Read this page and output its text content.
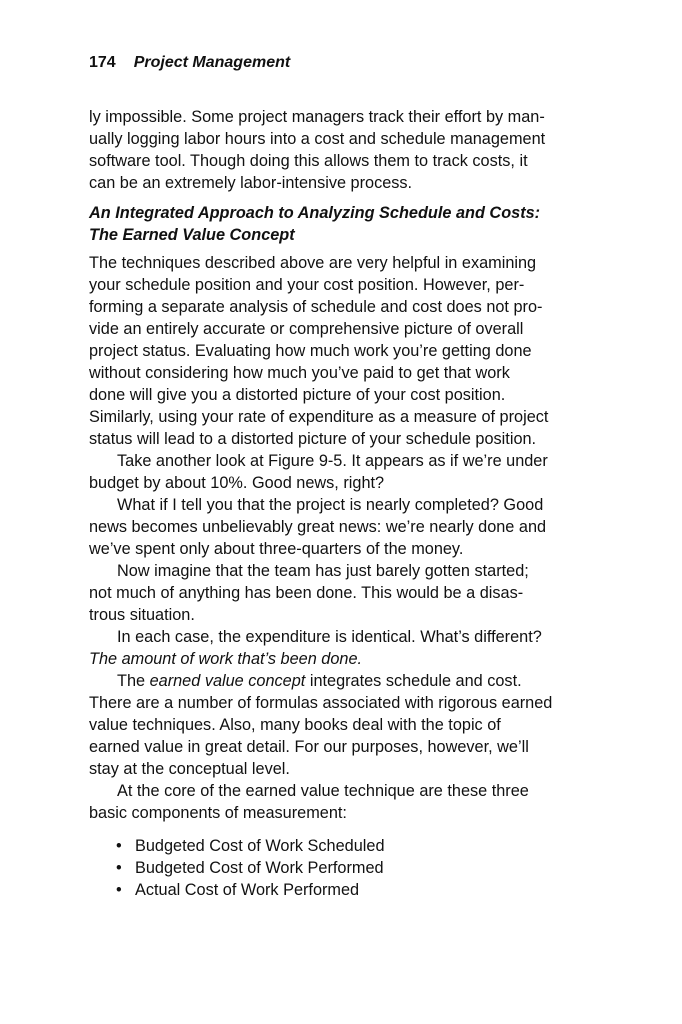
174 Project Management

ly impossible. Some project managers track their effort by man-
ually logging labor hours into a cost and schedule management
software tool. Though doing this allows them to track costs, it
can be an extremely labor-intensive process.

An Integrated Approach to Analyzing Schedule and Costs:
The Earned Value Concept

The techniques described above are very helpful in examining
your schedule position and your cost position. However, per-
forming a separate analysis of schedule and cost does not pro-
vide an entirely accurate or comprehensive picture of overall
project status. Evaluating how much work you’re getting done
without considering how much you’ve paid to get that work
done will give you a distorted picture of your cost position.
Similarly, using your rate of expenditure as a measure of project
status will lead to a distorted picture of your schedule position.

Take another look at Figure 9-5. It appears as if we’re under
budget by about 10%. Good news, right?

What if I tell you that the project is nearly completed? Good
news becomes unbelievably great news: we’re nearly done and
we’ve spent only about three-quarters of the money.

Now imagine that the team has just barely gotten started;
not much of anything has been done. This would be a disas-
trous situation.

In each case, the expenditure is identical. What’s different?
The amount of work that’s been done.

The earned value concept integrates schedule and cost.
There are a number of formulas associated with rigorous earned
value techniques. Also, many books deal with the topic of
earned value in great detail. For our purposes, however, we’ll
stay at the conceptual level.

At the core of the earned value technique are these three
basic components of measurement:

• Budgeted Cost of Work Scheduled
• Budgeted Cost of Work Performed
• Actual Cost of Work Performed
